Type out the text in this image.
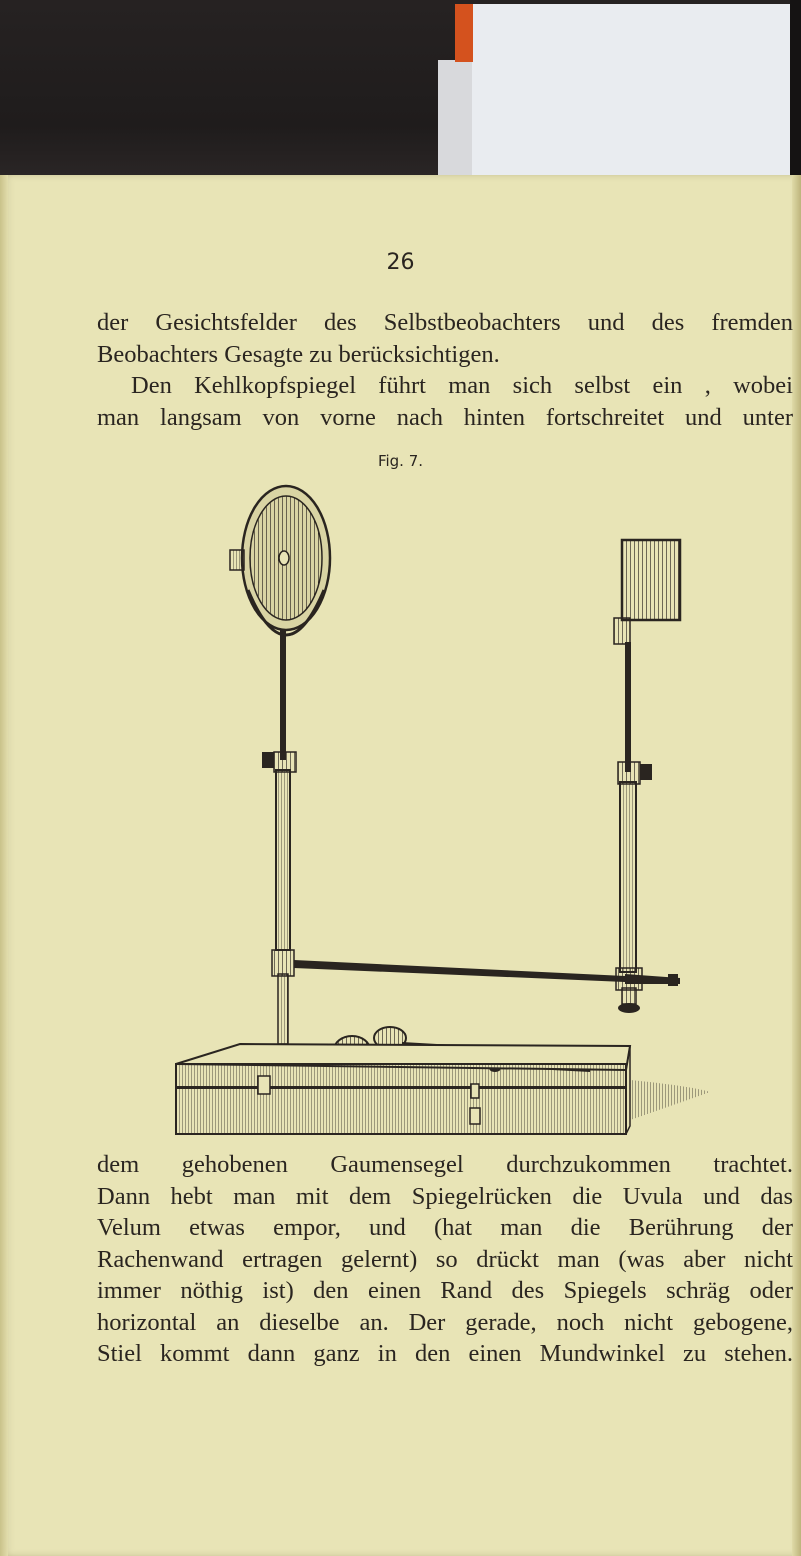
26
der Gesichtsfelder des Selbstbeobachters und des fremden
Beobachters Gesagte zu berücksichtigen.
Den Kehlkopfspiegel führt man sich selbst ein , wobei
man langsam von vorne nach hinten fortschreitet und unter
Fig. 7.
dem gehobenen Gaumensegel durchzukommen trachtet.
Dann hebt man mit dem Spiegelrücken die Uvula und das
Velum etwas empor, und (hat man die Berührung der
Rachenwand ertragen gelernt) so drückt man (was aber nicht
immer nöthig ist) den einen Rand des Spiegels schräg oder
horizontal an dieselbe an. Der gerade, noch nicht gebogene,
Stiel kommt dann ganz in den einen Mundwinkel zu stehen.
